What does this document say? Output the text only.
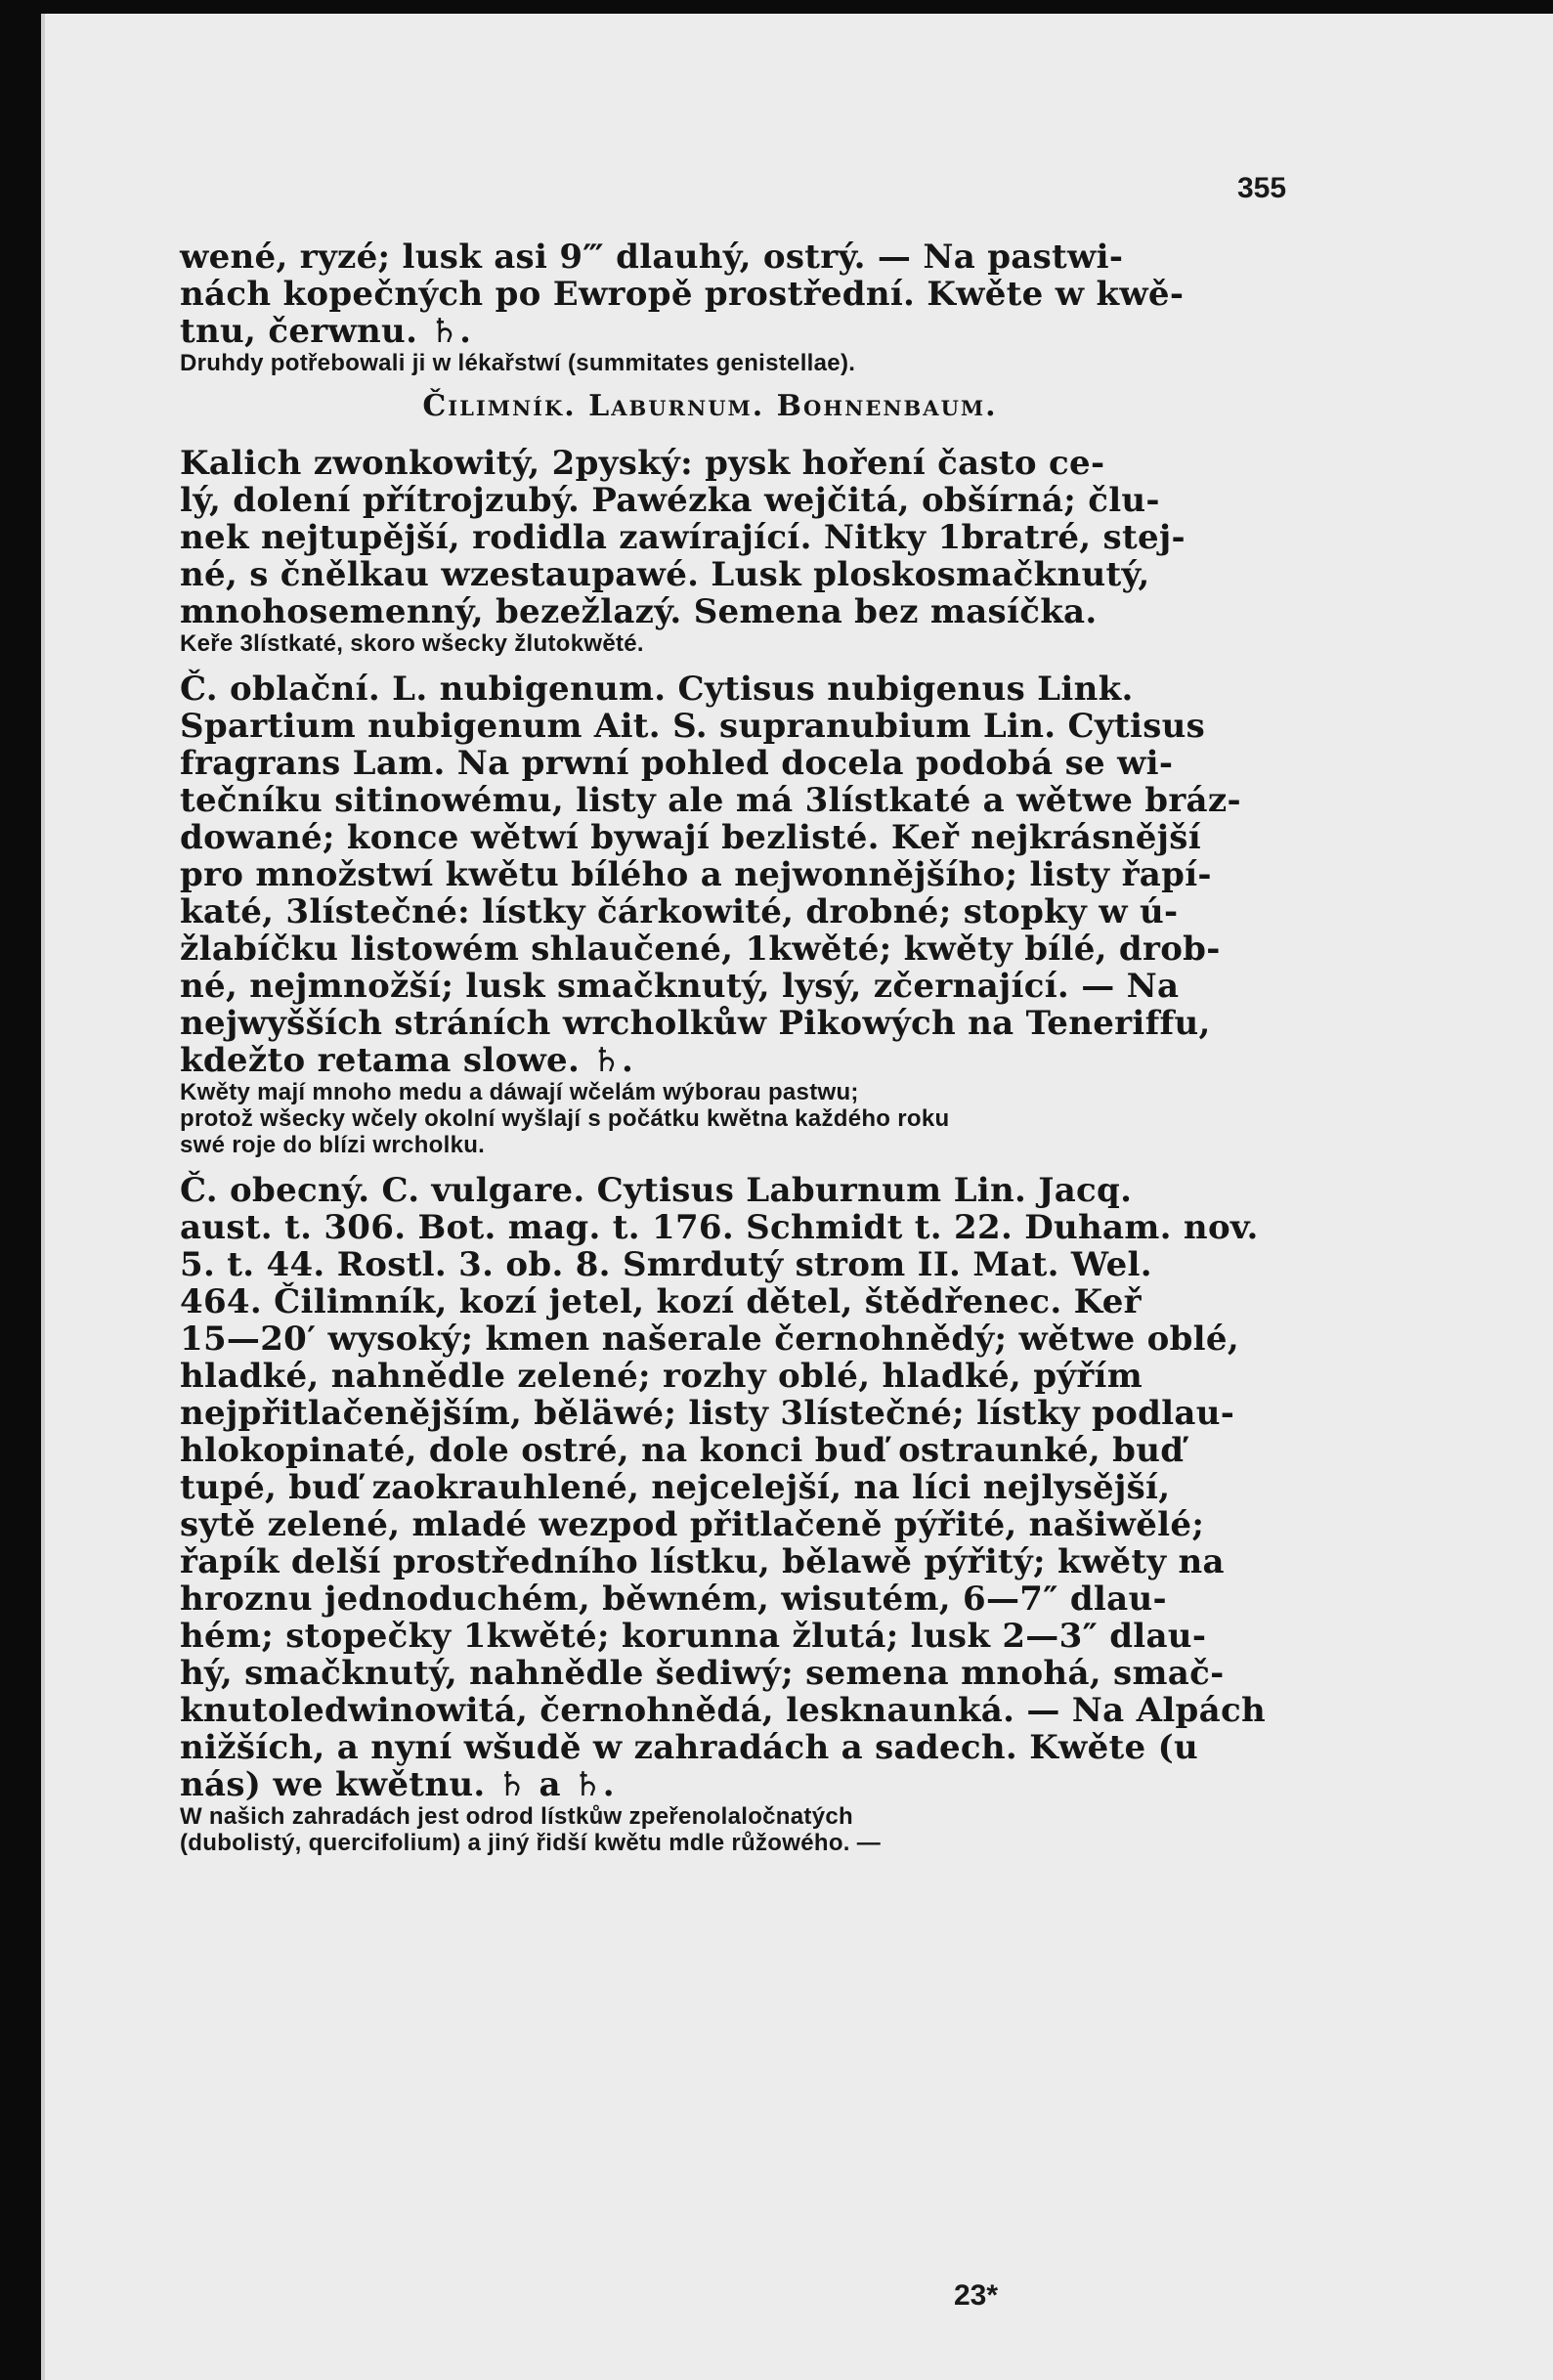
355
wené, ryzé; lusk asi 9‴ dlauhý, ostrý. — Na pastwi-
nách kopečných po Ewropě prostřední. Kwěte w kwě-
tnu, čerwnu. ♄.
Druhdy potřebowali ji w lékařstwí (summitates genistellae).
Čilimník. Laburnum. Bohnenbaum.
Kalich zwonkowitý, 2pyský: pysk hoření často ce-
lý, dolení přítrojzubý. Pawézka wejčitá, obšírná; člu-
nek nejtupější, rodidla zawírající. Nitky 1bratré, stej-
né, s čnělkau wzestaupawé. Lusk ploskosmačknutý,
mnohosemenný, bezežlazý. Semena bez masíčka.
Keře 3lístkaté, skoro wšecky žlutokwěté.
Č. oblační. L. nubigenum. Cytisus nubigenus Link.
Spartium nubigenum Ait. S. supranubium Lin. Cytisus
fragrans Lam. Na prwní pohled docela podobá se wi-
tečníku sitinowému, listy ale má 3lístkaté a wětwe bráz-
dowané; konce wětwí bywají bezlisté. Keř nejkrásnější
pro množstwí kwětu bílého a nejwonnějšího; listy řapí-
katé, 3lístečné: lístky čárkowité, drobné; stopky w ú-
žlabíčku listowém shlaučené, 1kwěté; kwěty bílé, drob-
né, nejmnožší; lusk smačknutý, lysý, zčernající. — Na
nejwyšších stráních wrcholkůw Pikowých na Teneriffu,
kdežto retama slowe. ♄.
Kwěty mají mnoho medu a dáwají wčelám wýborau pastwu;
protož wšecky wčely okolní wyšlají s počátku kwětna každého roku
swé roje do blízi wrcholku.
Č. obecný. C. vulgare. Cytisus Laburnum Lin. Jacq.
aust. t. 306. Bot. mag. t. 176. Schmidt t. 22. Duham. nov.
5. t. 44. Rostl. 3. ob. 8. Smrdutý strom II. Mat. Wel.
464. Čilimník, kozí jetel, kozí dětel, štědřenec. Keř
15—20′ wysoký; kmen našerale černohnědý; wětwe oblé,
hladké, nahnědle zelené; rozhy oblé, hladké, pýřím
nejpřitlačenějším, běläwé; listy 3lístečné; lístky podlau-
hlokopinaté, dole ostré, na konci buď ostraunké, buď
tupé, buď zaokrauhlené, nejcelejší, na líci nejlysější,
sytě zelené, mladé wezpod přitlačeně pýřité, našiwělé;
řapík delší prostředního lístku, bělawě pýřitý; kwěty na
hroznu jednoduchém, běwném, wisutém, 6—7″ dlau-
hém; stopečky 1kwěté; korunna žlutá; lusk 2—3″ dlau-
hý, smačknutý, nahnědle šediwý; semena mnohá, smač-
knutoledwinowitá, černohnědá, lesknaunká. — Na Alpách
nižších, a nyní wšudě w zahradách a sadech. Kwěte (u
nás) we kwětnu. ♄ a ♄.
W našich zahradách jest odrod lístkůw zpeřenolaločnatých
(dubolistý, quercifolium) a jiný řidší kwětu mdle růžowého. —
23*
